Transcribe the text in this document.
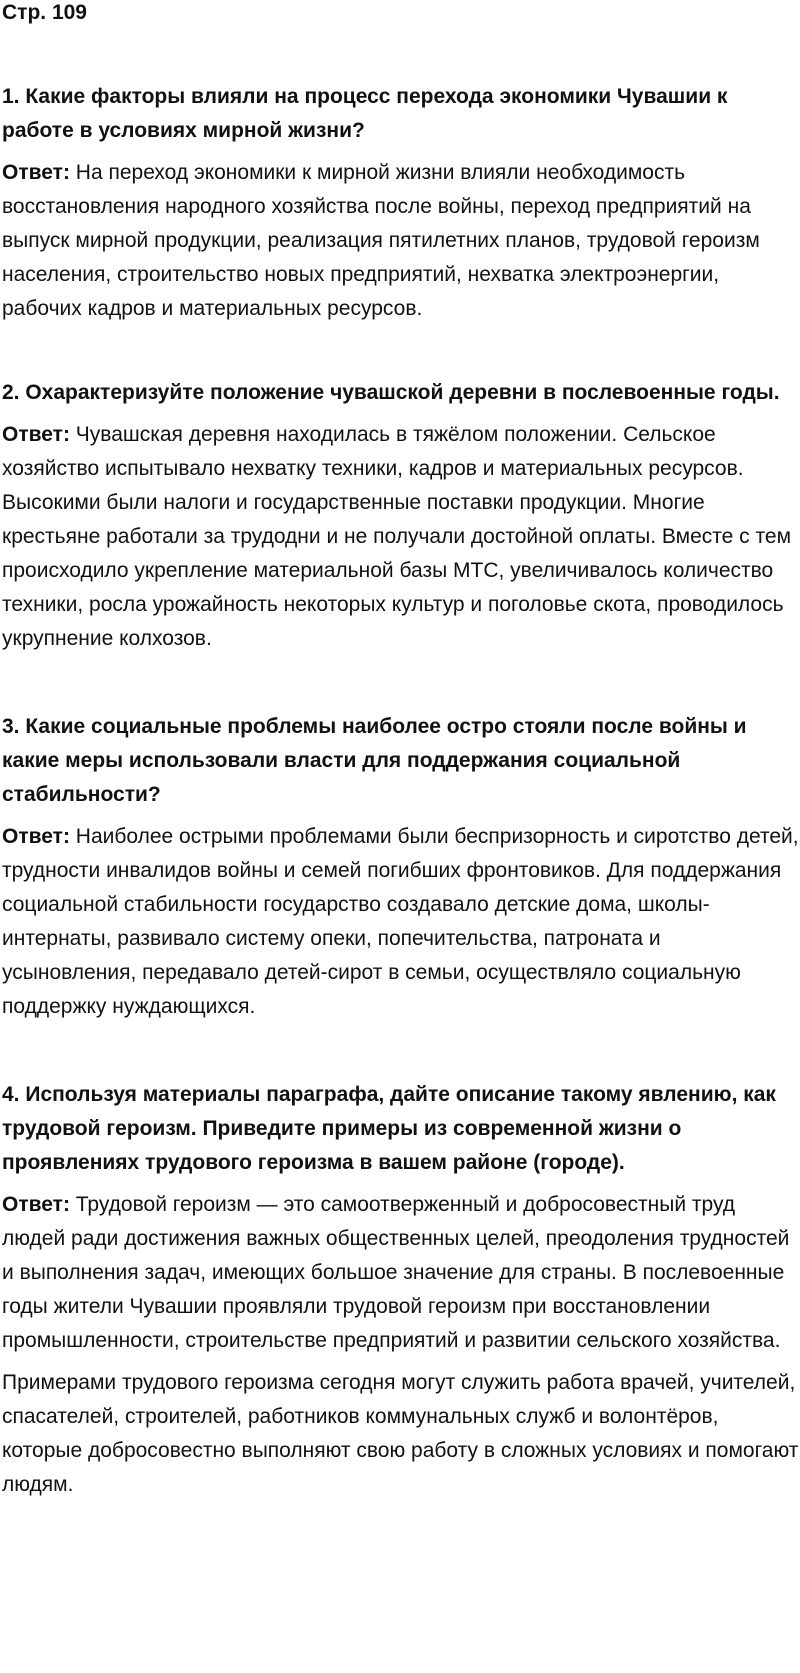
Стр. 109

1. Какие факторы влияли на процесс перехода экономики Чувашии к работе в условиях мирной жизни?

Ответ: На переход экономики к мирной жизни влияли необходимость восстановления народного хозяйства после войны, переход предприятий на выпуск мирной продукции, реализация пятилетних планов, трудовой героизм населения, строительство новых предприятий, нехватка электроэнергии, рабочих кадров и материальных ресурсов.

2. Охарактеризуйте положение чувашской деревни в послевоенные годы.

Ответ: Чувашская деревня находилась в тяжёлом положении. Сельское хозяйство испытывало нехватку техники, кадров и материальных ресурсов. Высокими были налоги и государственные поставки продукции. Многие крестьяне работали за трудодни и не получали достойной оплаты. Вместе с тем происходило укрепление материальной базы МТС, увеличивалось количество техники, росла урожайность некоторых культур и поголовье скота, проводилось укрупнение колхозов.

3. Какие социальные проблемы наиболее остро стояли после войны и какие меры использовали власти для поддержания социальной стабильности?

Ответ: Наиболее острыми проблемами были беспризорность и сиротство детей, трудности инвалидов войны и семей погибших фронтовиков. Для поддержания социальной стабильности государство создавало детские дома, школы-интернаты, развивало систему опеки, попечительства, патроната и усыновления, передавало детей-сирот в семьи, осуществляло социальную поддержку нуждающихся.

4. Используя материалы параграфа, дайте описание такому явлению, как трудовой героизм. Приведите примеры из современной жизни о проявлениях трудового героизма в вашем районе (городе).

Ответ: Трудовой героизм — это самоотверженный и добросовестный труд людей ради достижения важных общественных целей, преодоления трудностей и выполнения задач, имеющих большое значение для страны. В послевоенные годы жители Чувашии проявляли трудовой героизм при восстановлении промышленности, строительстве предприятий и развитии сельского хозяйства.

Примерами трудового героизма сегодня могут служить работа врачей, учителей, спасателей, строителей, работников коммунальных служб и волонтёров, которые добросовестно выполняют свою работу в сложных условиях и помогают людям.
